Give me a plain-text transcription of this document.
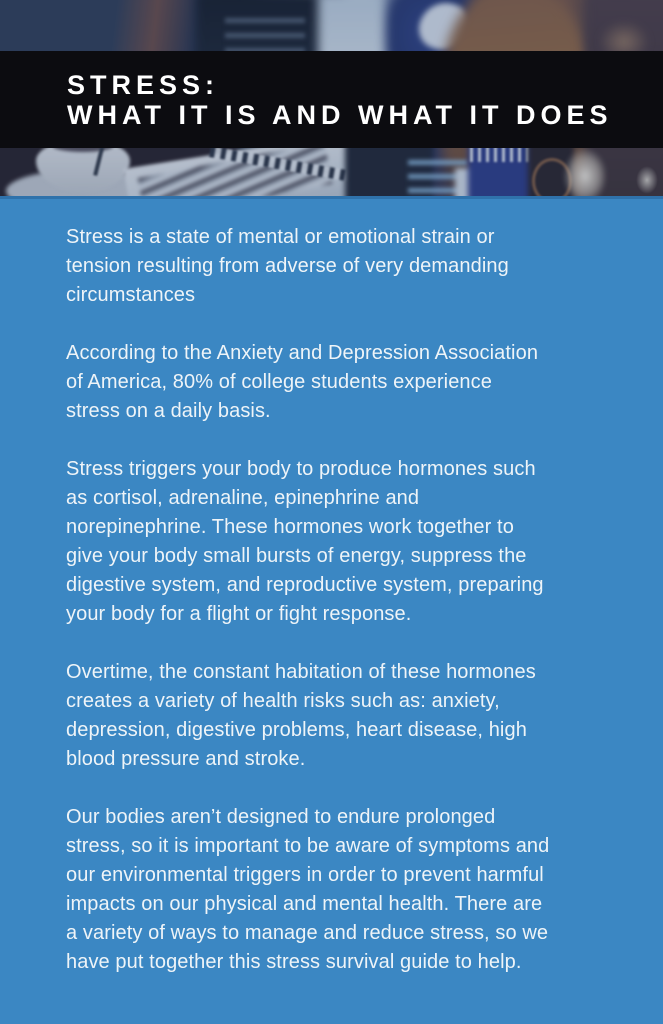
STRESS:
WHAT IT IS AND WHAT IT DOES

Stress is a state of mental or emotional strain or
tension resulting from adverse of very demanding
circumstances

According to the Anxiety and Depression Association
of America, 80% of college students experience
stress on a daily basis.

Stress triggers your body to produce hormones such
as cortisol, adrenaline, epinephrine and
norepinephrine. These hormones work together to
give your body small bursts of energy, suppress the
digestive system, and reproductive system, preparing
your body for a flight or fight response.

Overtime, the constant habitation of these hormones
creates a variety of health risks such as: anxiety,
depression, digestive problems, heart disease, high
blood pressure and stroke.

Our bodies aren’t designed to endure prolonged
stress, so it is important to be aware of symptoms and
our environmental triggers in order to prevent harmful
impacts on our physical and mental health. There are
a variety of ways to manage and reduce stress, so we
have put together this stress survival guide to help.
